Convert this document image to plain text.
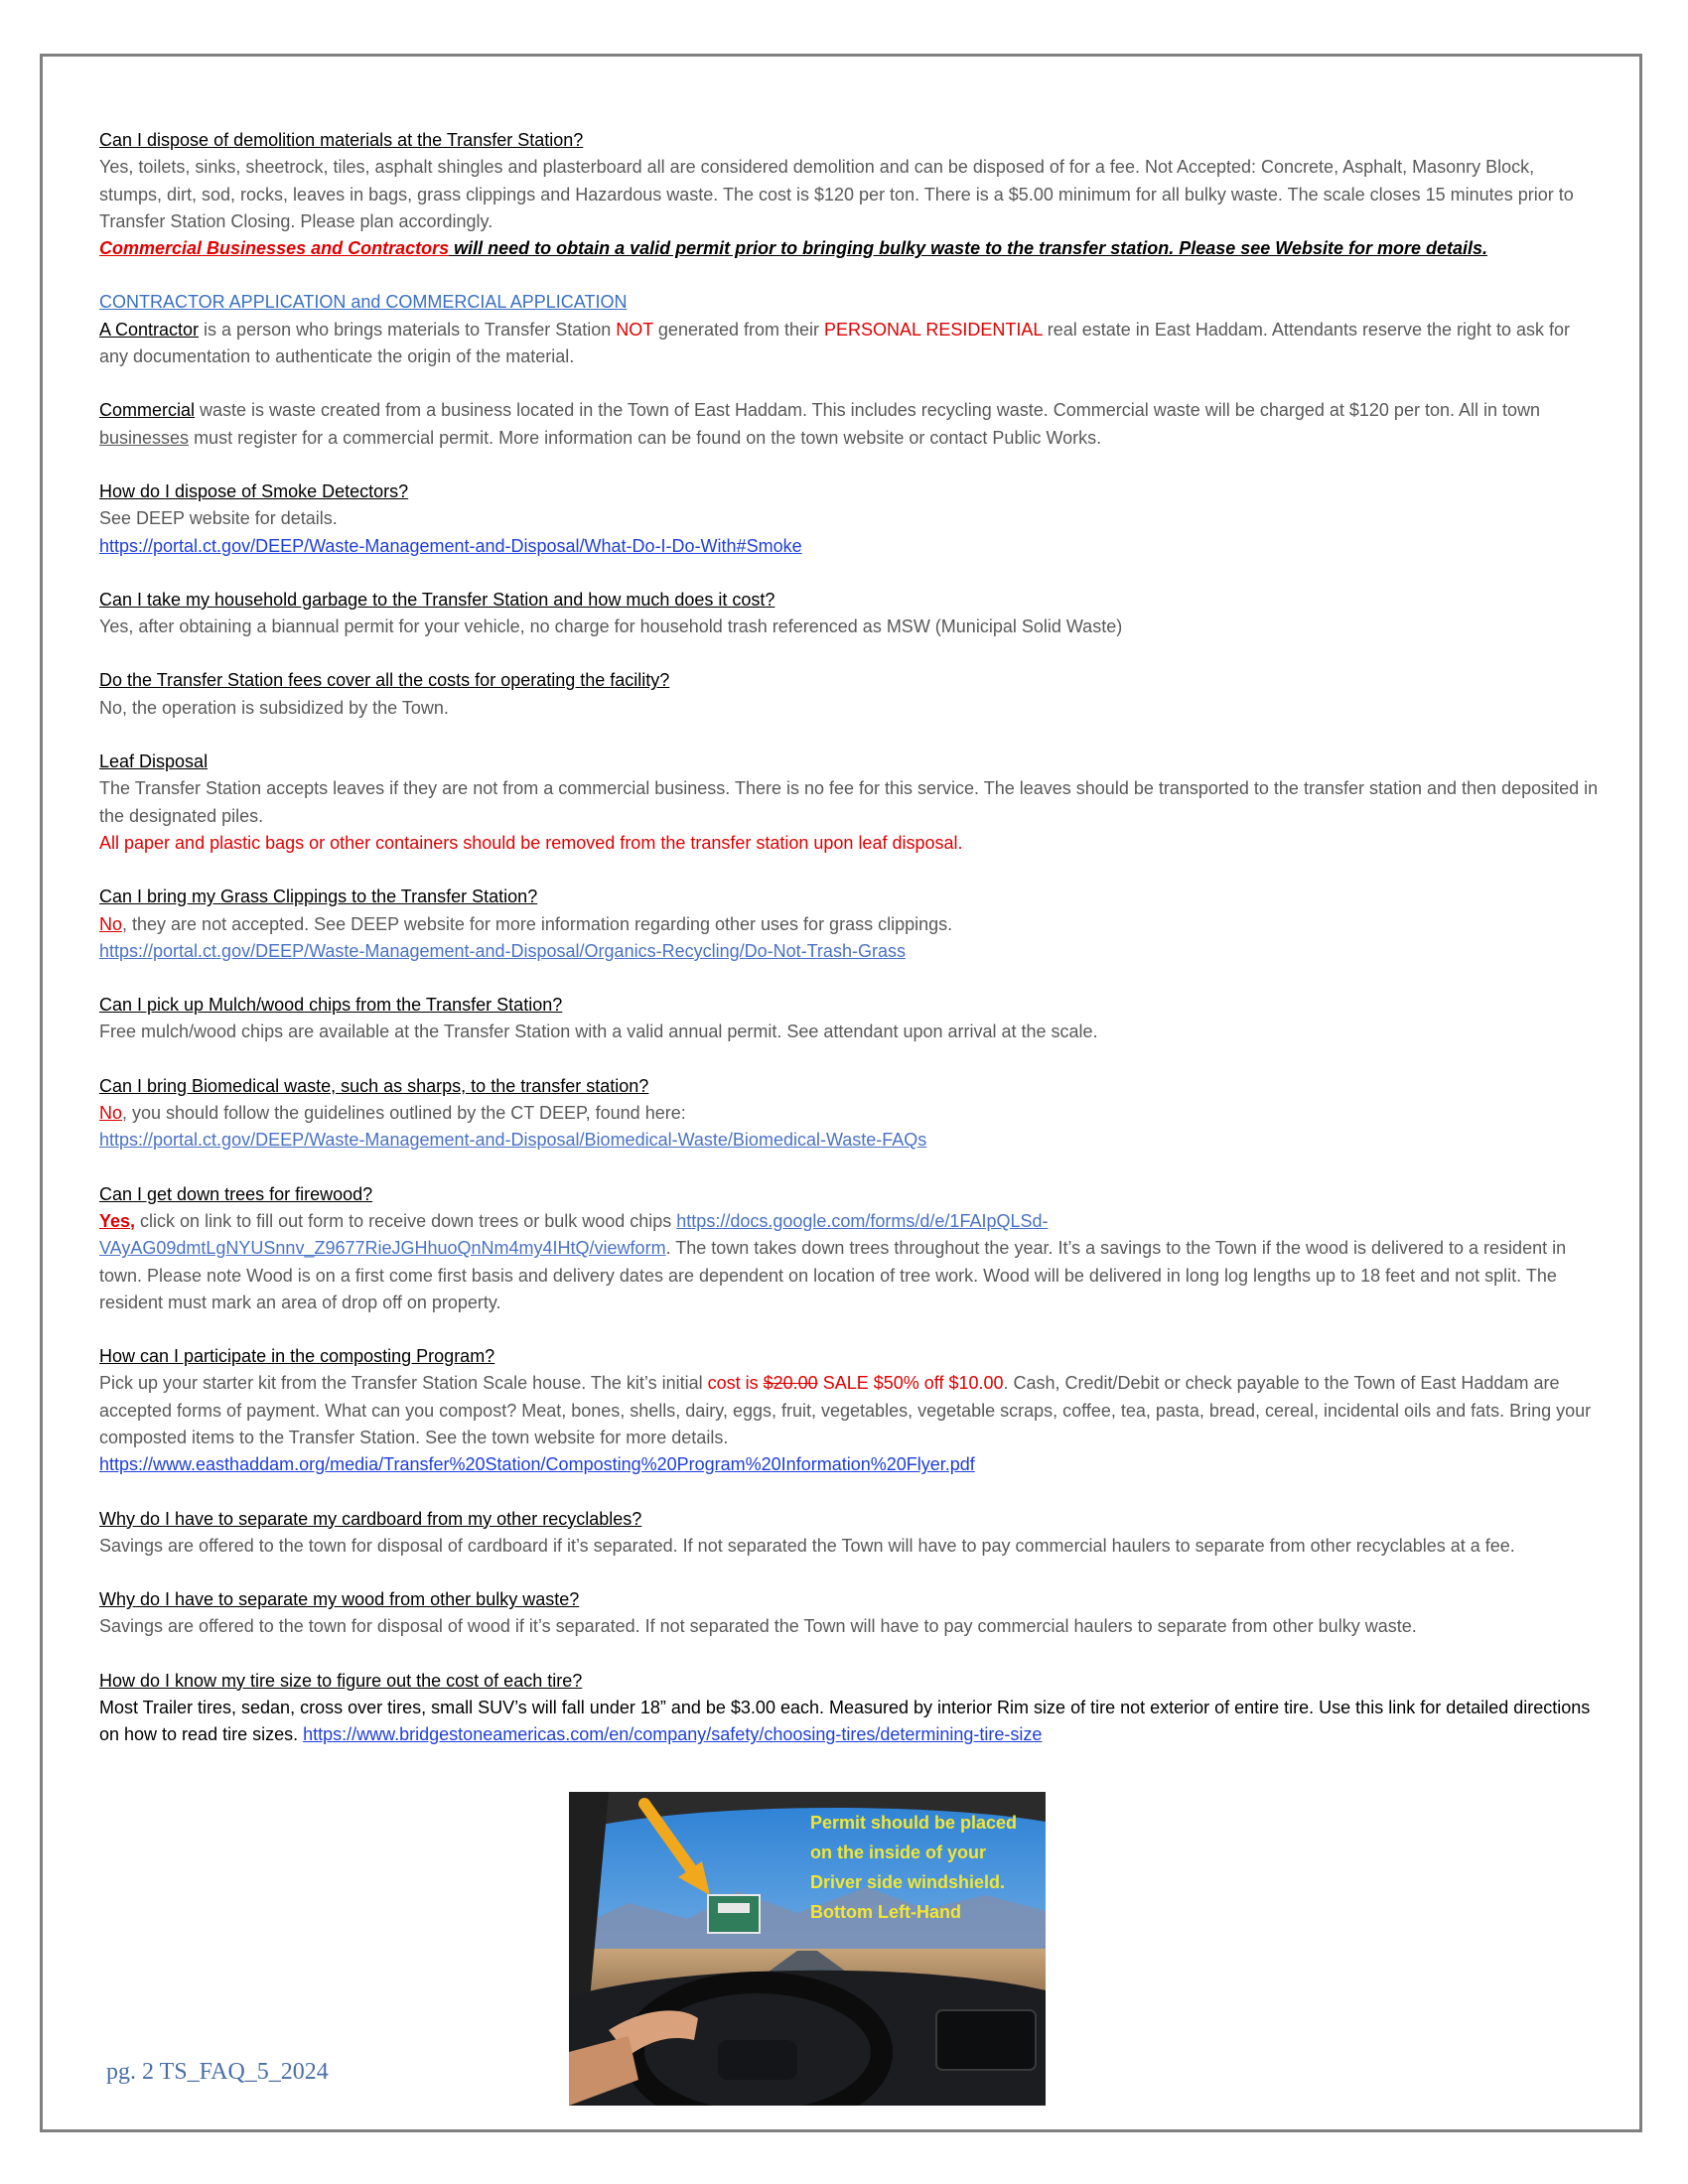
Can I dispose of demolition materials at the Transfer Station?

Yes, toilets, sinks, sheetrock, tiles, asphalt shingles and plasterboard all are considered demolition and can be disposed of for a fee. Not Accepted: Concrete, Asphalt, Masonry Block, stumps, dirt, sod, rocks, leaves in bags, grass clippings and Hazardous waste. The cost is $120 per ton. There is a $5.00 minimum for all bulky waste. The scale closes 15 minutes prior to Transfer Station Closing. Please plan accordingly.

Commercial Businesses and Contractors will need to obtain a valid permit prior to bringing bulky waste to the transfer station. Please see Website for more details.

CONTRACTOR APPLICATION and COMMERCIAL APPLICATION

A Contractor is a person who brings materials to Transfer Station NOT generated from their PERSONAL RESIDENTIAL real estate in East Haddam. Attendants reserve the right to ask for any documentation to authenticate the origin of the material.

Commercial waste is waste created from a business located in the Town of East Haddam. This includes recycling waste. Commercial waste will be charged at $120 per ton. All in town businesses must register for a commercial permit. More information can be found on the town website or contact Public Works.

How do I dispose of Smoke Detectors?

See DEEP website for details.

https://portal.ct.gov/DEEP/Waste-Management-and-Disposal/What-Do-I-Do-With#Smoke

Can I take my household garbage to the Transfer Station and how much does it cost?

Yes, after obtaining a biannual permit for your vehicle, no charge for household trash referenced as MSW (Municipal Solid Waste)

Do the Transfer Station fees cover all the costs for operating the facility?

No, the operation is subsidized by the Town.

Leaf Disposal

The Transfer Station accepts leaves if they are not from a commercial business. There is no fee for this service. The leaves should be transported to the transfer station and then deposited in the designated piles.

All paper and plastic bags or other containers should be removed from the transfer station upon leaf disposal.

Can I bring my Grass Clippings to the Transfer Station?

No, they are not accepted. See DEEP website for more information regarding other uses for grass clippings.

https://portal.ct.gov/DEEP/Waste-Management-and-Disposal/Organics-Recycling/Do-Not-Trash-Grass

Can I pick up Mulch/wood chips from the Transfer Station?

Free mulch/wood chips are available at the Transfer Station with a valid annual permit. See attendant upon arrival at the scale.

Can I bring Biomedical waste, such as sharps, to the transfer station?

No, you should follow the guidelines outlined by the CT DEEP, found here:

https://portal.ct.gov/DEEP/Waste-Management-and-Disposal/Biomedical-Waste/Biomedical-Waste-FAQs

Can I get down trees for firewood?

Yes, click on link to fill out form to receive down trees or bulk wood chips https://docs.google.com/forms/d/e/1FAIpQLSd-VAyAG09dmtLgNYUSnnv_Z9677RieJGHhuoQnNm4my4IHtQ/viewform. The town takes down trees throughout the year. It’s a savings to the Town if the wood is delivered to a resident in town. Please note Wood is on a first come first basis and delivery dates are dependent on location of tree work. Wood will be delivered in long log lengths up to 18 feet and not split. The resident must mark an area of drop off on property.

How can I participate in the composting Program?

Pick up your starter kit from the Transfer Station Scale house. The kit’s initial cost is $20.00 SALE $50% off $10.00. Cash, Credit/Debit or check payable to the Town of East Haddam are accepted forms of payment. What can you compost? Meat, bones, shells, dairy, eggs, fruit, vegetables, vegetable scraps, coffee, tea, pasta, bread, cereal, incidental oils and fats. Bring your composted items to the Transfer Station. See the town website for more details.

https://www.easthaddam.org/media/Transfer%20Station/Composting%20Program%20Information%20Flyer.pdf

Why do I have to separate my cardboard from my other recyclables?

Savings are offered to the town for disposal of cardboard if it’s separated. If not separated the Town will have to pay commercial haulers to separate from other recyclables at a fee.

Why do I have to separate my wood from other bulky waste?

Savings are offered to the town for disposal of wood if it’s separated. If not separated the Town will have to pay commercial haulers to separate from other bulky waste.

How do I know my tire size to figure out the cost of each tire?

Most Trailer tires, sedan, cross over tires, small SUV’s will fall under 18” and be $3.00 each. Measured by interior Rim size of tire not exterior of entire tire. Use this link for detailed directions on how to read tire sizes. https://www.bridgestoneamericas.com/en/company/safety/choosing-tires/determining-tire-size

Permit should be placed on the inside of your Driver side windshield. Bottom Left-Hand
pg. 2 TS_FAQ_5_2024
